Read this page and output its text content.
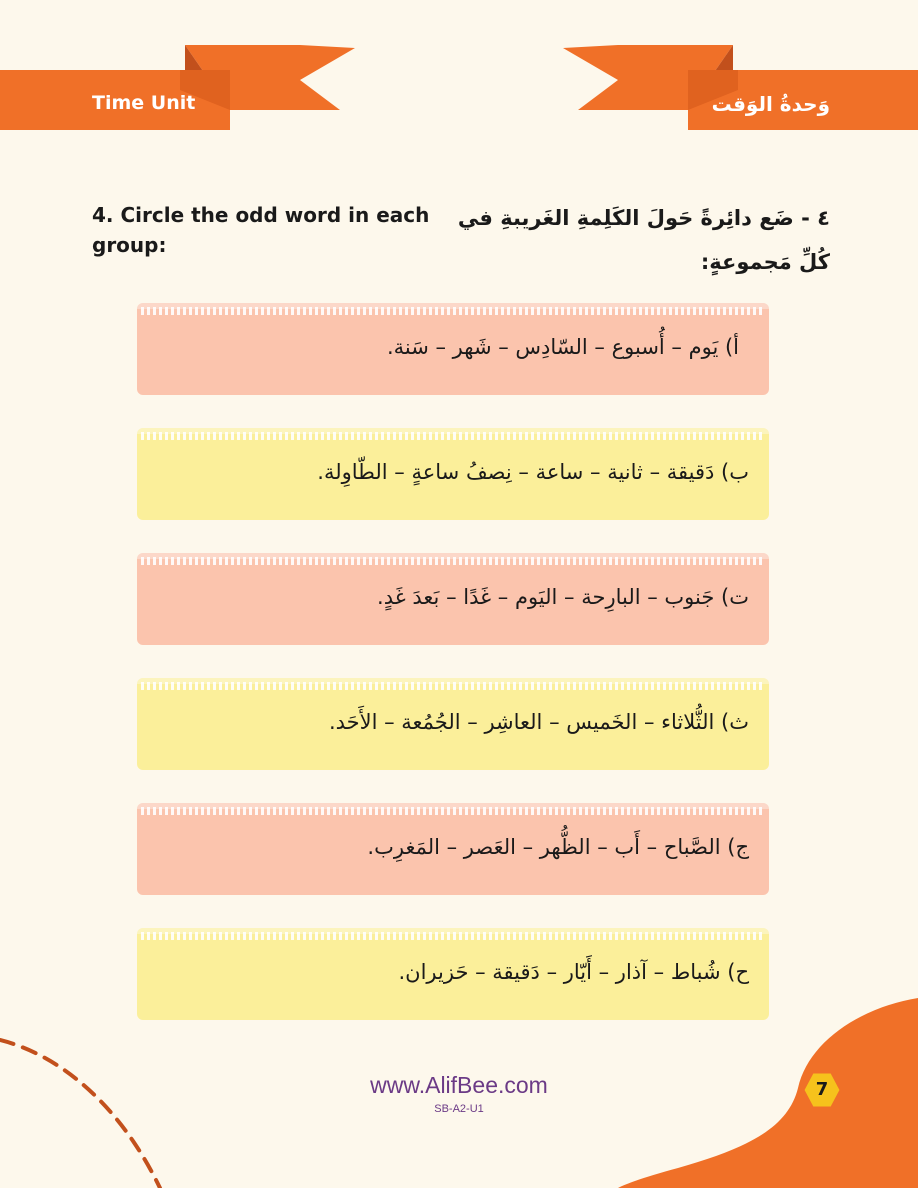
Time Unit	وَحدةُ الوَقت
4. Circle the odd word in each group:
٤ - ضَع دائِرةً حَولَ الكَلِمةِ الغَريبةِ في كُلِّ مَجموعةٍ:
أ) يَوم – أُسبوع – السّادِس – شَهر – سَنة.
ب) دَقيقة – ثانية – ساعة – نِصفُ ساعةٍ – الطّاوِلة.
ت) جَنوب – البارِحة – اليَوم – غَدًا – بَعدَ غَدٍ.
ث) الثُّلاثاء – الخَميس – العاشِر – الجُمُعة – الأَحَد.
ج) الصَّباح – أَب – الظُّهر – العَصر – المَغرِب.
ح) شُباط – آذار – أَيّار – دَقيقة – حَزيران.
www.AlifBee.com
SB-A2-U1
7
